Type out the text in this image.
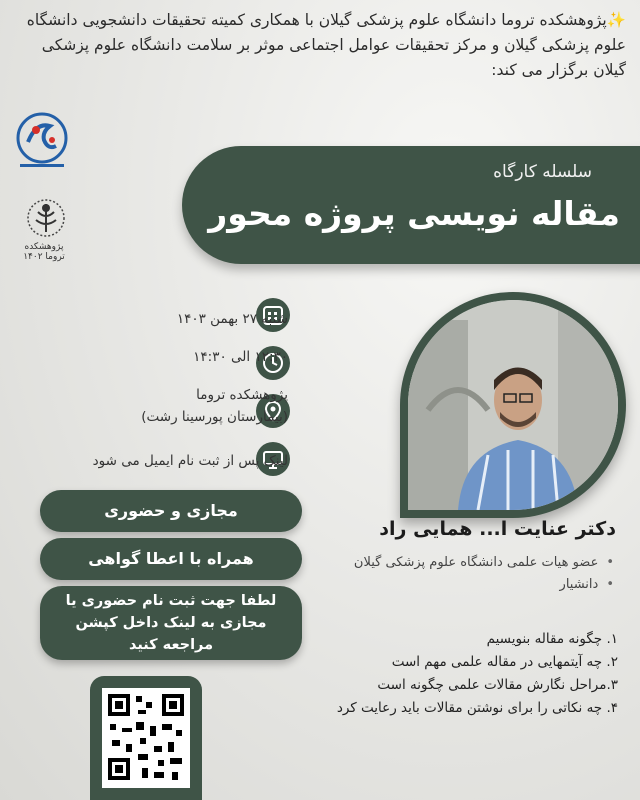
✨پژوهشکده تروما دانشگاه علوم پزشکی گیلان با همکاری کمیته تحقیقات دانشجویی دانشگاه علوم پزشکی گیلان و مرکز تحقیقات عوامل اجتماعی موثر بر سلامت دانشگاه علوم پزشکی گیلان برگزار می کند:
پژوهشکده تروما ۱۴۰۲
سلسله کارگاه
مقاله نویسی پروژه محور
شنبه ۲۷ بهمن ۱۴۰۳
۱۲:۳۰ الی ۱۴:۳۰
پژوهشکده تروما
(بیمارستان پورسینا رشت)
لینک پس از ثبت نام ایمیل می شود
مجازی و حضوری
همراه با اعطا گواهی
لطفا جهت ثبت نام حضوری یا
مجازی به لینک داخل کپشن
مراجعه کنید
دکتر عنایت ا... همایی راد
• عضو هیات علمی دانشگاه علوم پزشکی گیلان
• دانشیار
۱. چگونه مقاله بنویسیم
۲. چه آیتمهایی در مقاله علمی مهم است
۳.مراحل نگارش مقالات علمی چگونه است
۴. چه نکاتی را برای نوشتن مقالات باید رعایت کرد
